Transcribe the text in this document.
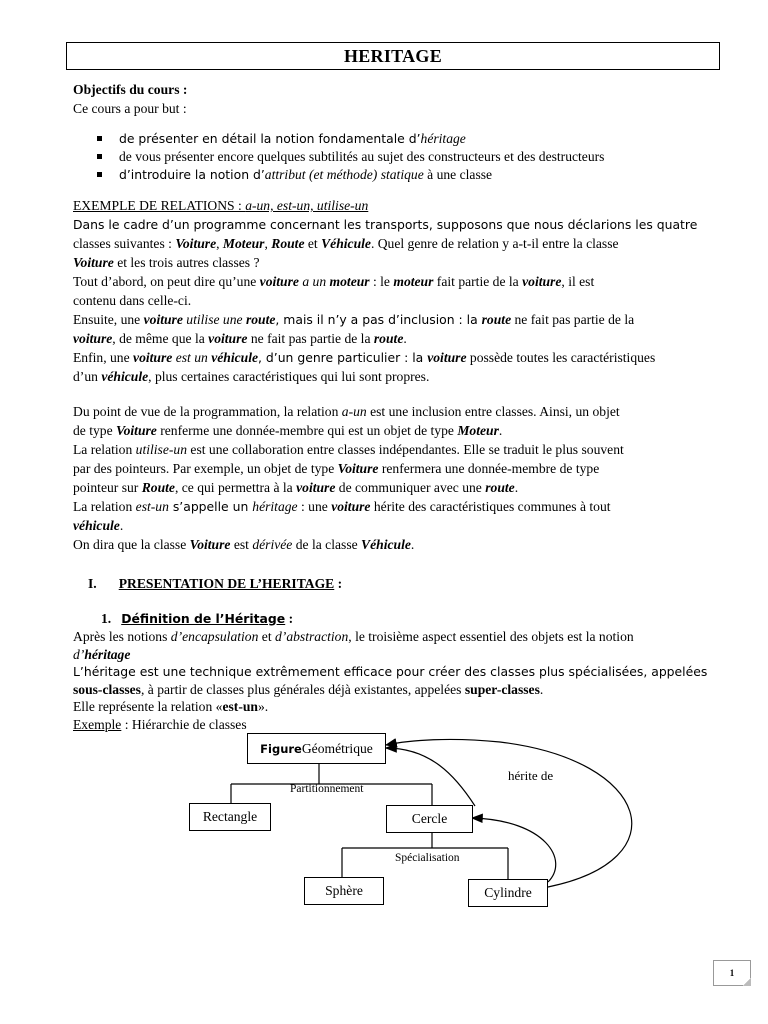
HERITAGE

Objectifs du cours :

Ce cours a pour but :

de présenter en détail la notion fondamentale d’héritage
de vous présenter encore quelques subtilités au sujet des constructeurs et des destructeurs
d’introduire la notion d’attribut (et méthode) statique à une classe

EXEMPLE DE RELATIONS : a-un, est-un, utilise-un

Dans le cadre d’un programme concernant les transports, supposons que nous déclarions les quatre

classes suivantes : Voiture, Moteur, Route et Véhicule. Quel genre de relation y a-t-il entre la classe

Voiture et les trois autres classes ?

Tout d’abord, on peut dire qu’une voiture a un moteur : le moteur fait partie de la voiture, il est

contenu dans celle-ci.

Ensuite, une voiture utilise une route, mais il n’y a pas d’inclusion : la route ne fait pas partie de la

voiture, de même que la voiture ne fait pas partie de la route.

Enfin, une voiture est un véhicule, d’un genre particulier : la voiture possède toutes les caractéristiques

d’un véhicule, plus certaines caractéristiques qui lui sont propres.

Du point de vue de la programmation, la relation a-un est une inclusion entre classes. Ainsi, un objet

de type Voiture renferme une donnée-membre qui est un objet de type Moteur.

La relation utilise-un est une collaboration entre classes indépendantes. Elle se traduit le plus souvent

par des pointeurs. Par exemple, un objet de type Voiture renfermera une donnée-membre de type

pointeur sur Route, ce qui permettra à la voiture de communiquer avec une route.

La relation est-un s’appelle un héritage : une voiture hérite des caractéristiques communes à tout

véhicule.

On dira que la classe Voiture est dérivée de la classe Véhicule.

I. PRESENTATION DE L’HERITAGE :
1. Définition de l’Héritage :

Après les notions d’encapsulation et d’abstraction, le troisième aspect essentiel des objets est la notion

d’héritage

L’héritage est une technique extrêmement efficace pour créer des classes plus spécialisées, appelées

sous-classes, à partir de classes plus générales déjà existantes, appelées super-classes.

Elle représente la relation «est-un».

Exemple : Hiérarchie de classes

Figure Géométrique
Rectangle	Cercle
Sphère	Cylindre
Partitionnement
Spécialisation
hérite de
1
